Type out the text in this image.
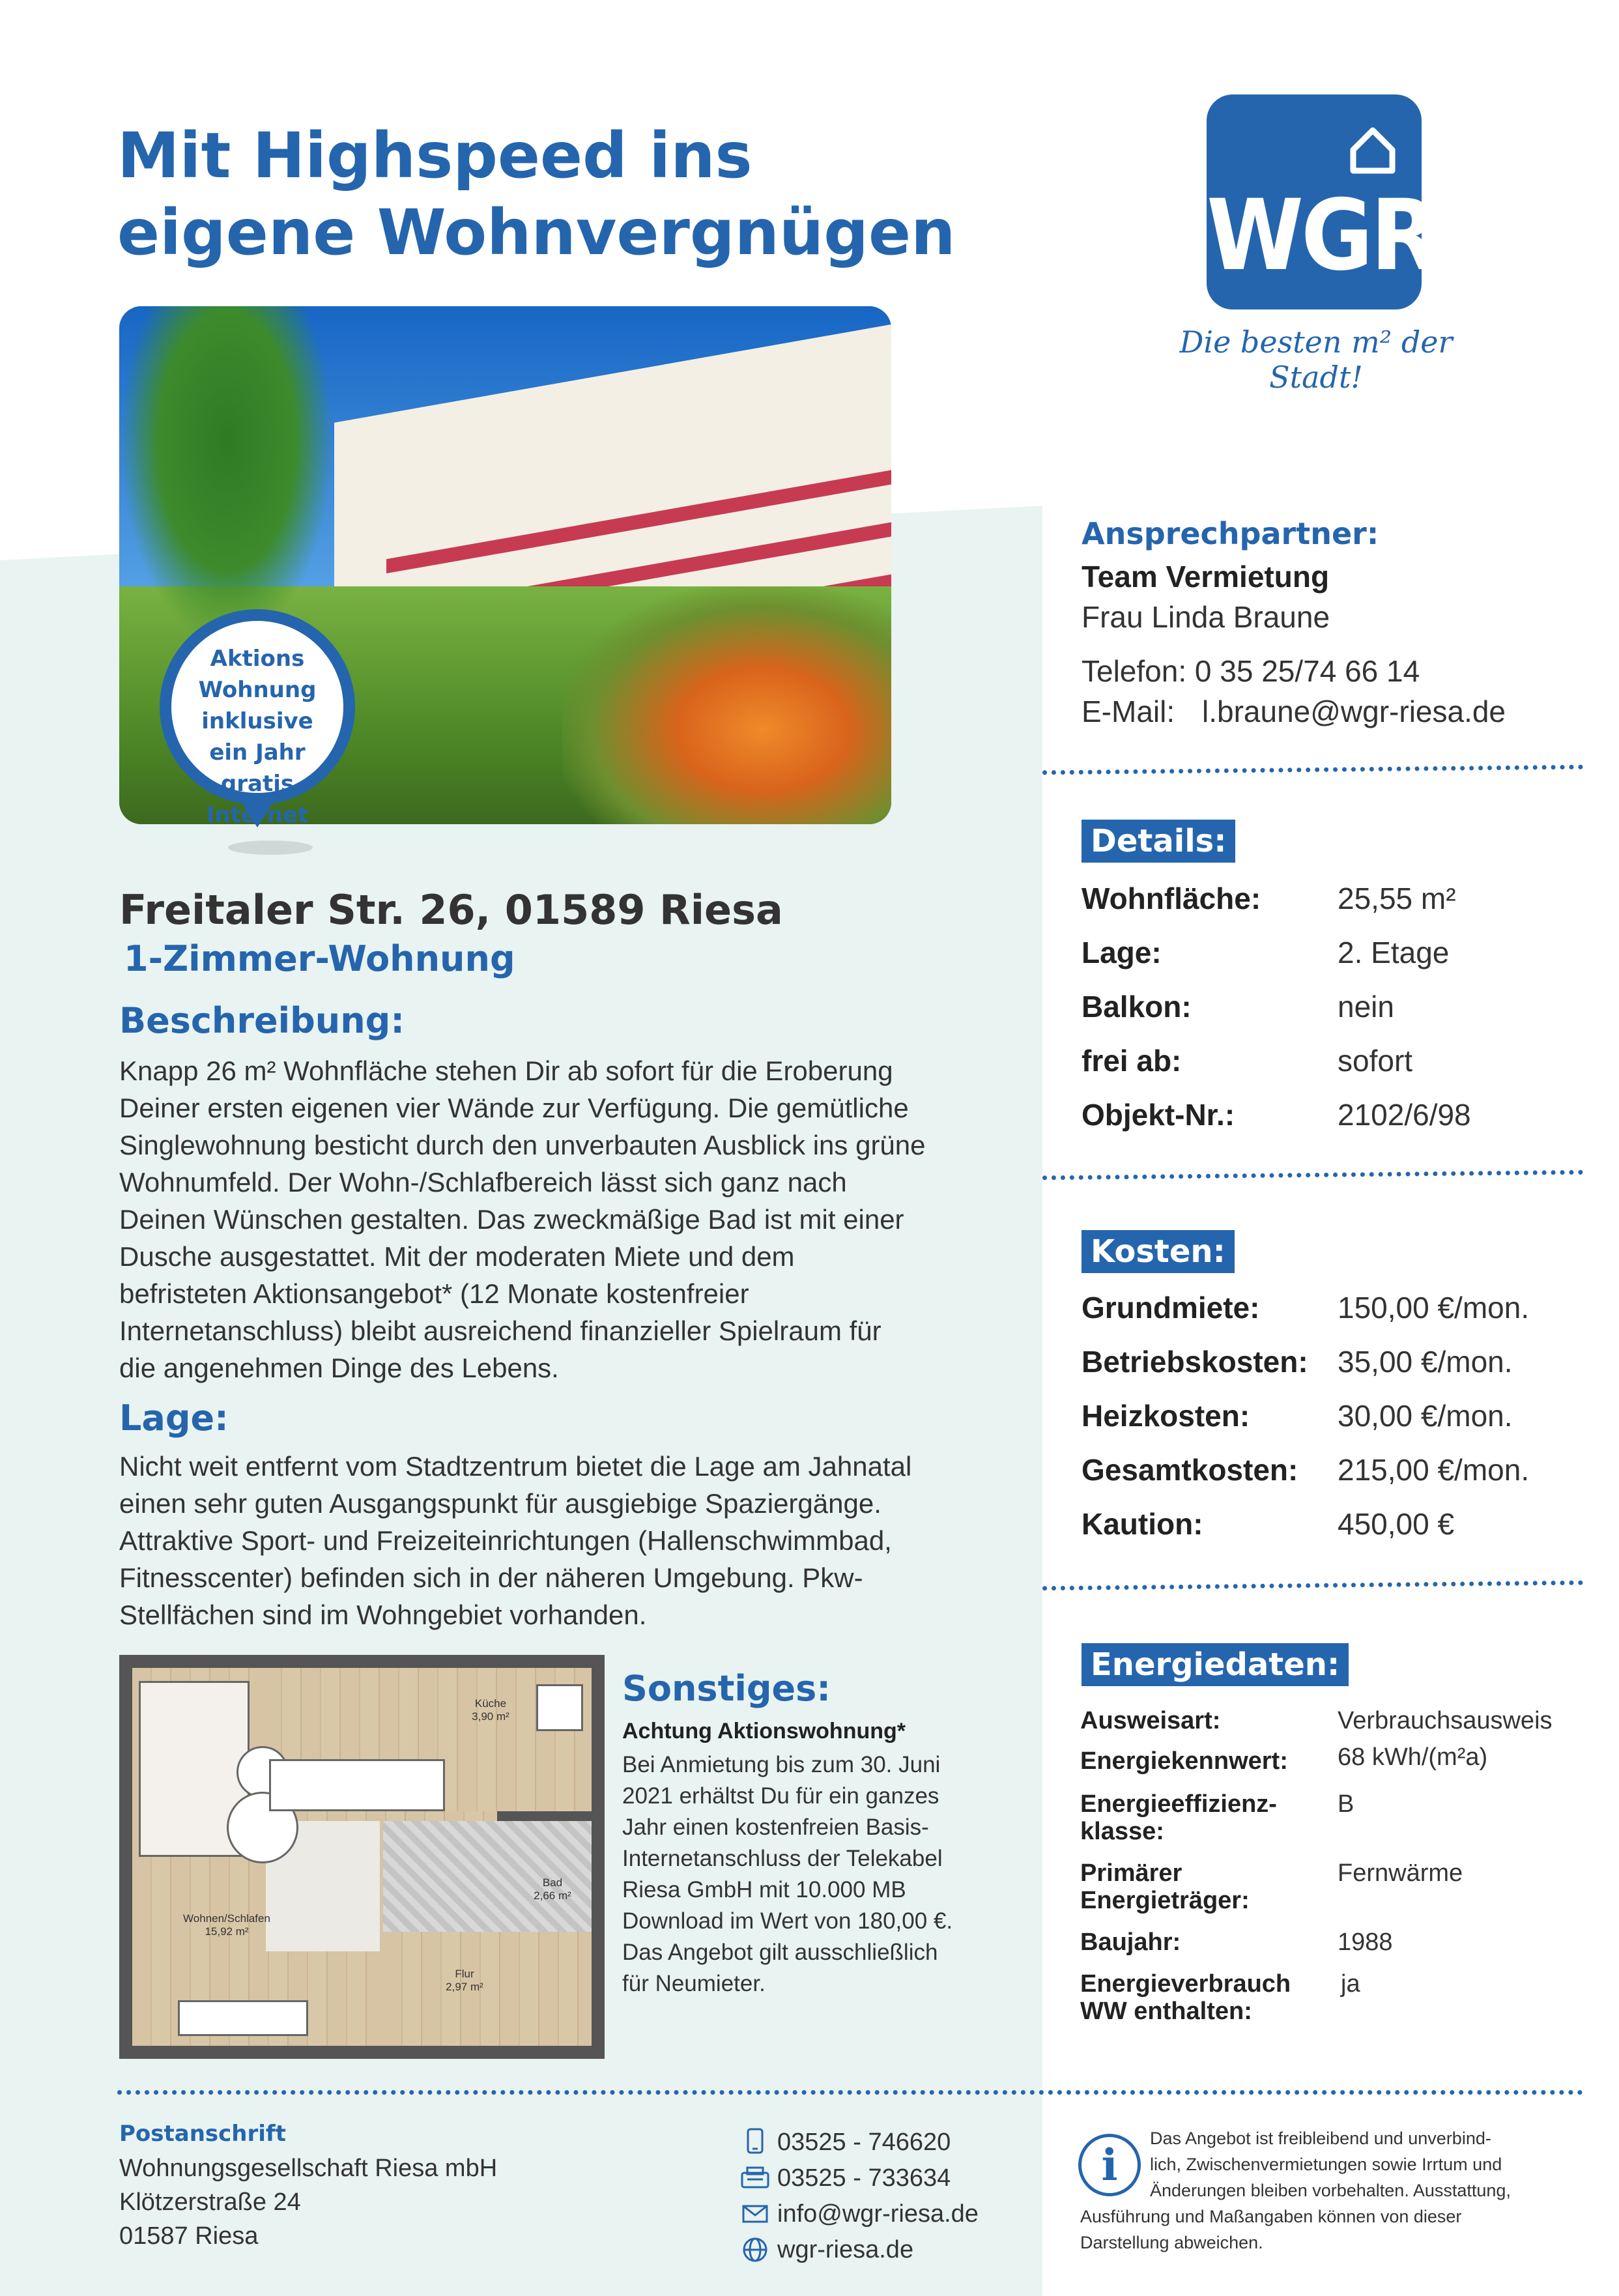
Mit Highspeed ins
eigene Wohnvergnügen	WGR
Die besten m² der Stadt!
Aktions
Wohnung
inklusive
ein Jahr gratis
Internet
Freitaler Str. 26, 01589 Riesa
1-Zimmer-Wohnung
Beschreibung:
Knapp 26 m² Wohnfläche stehen Dir ab sofort für die Eroberung
Deiner ersten eigenen vier Wände zur Verfügung. Die gemütliche
Singlewohnung besticht durch den unverbauten Ausblick ins grüne
Wohnumfeld. Der Wohn-/Schlafbereich lässt sich ganz nach
Deinen Wünschen gestalten. Das zweckmäßige Bad ist mit einer
Dusche ausgestattet. Mit der moderaten Miete und dem
befristeten Aktionsangebot* (12 Monate kostenfreier
Internetanschluss) bleibt ausreichend finanzieller Spielraum für
die angenehmen Dinge des Lebens.
Lage:
Nicht weit entfernt vom Stadtzentrum bietet die Lage am Jahnatal
einen sehr guten Ausgangspunkt für ausgiebige Spaziergänge.
Attraktive Sport- und Freizeiteinrichtungen (Hallenschwimmbad,
Fitnesscenter) befinden sich in der näheren Umgebung. Pkw-
Stellfächen sind im Wohngebiet vorhanden.
Küche
3,90 m²
Wohnen/Schlafen
15,92 m²
Bad
2,66 m²
Flur
2,97 m²
Sonstiges:
Achtung Aktionswohnung*
Bei Anmietung bis zum 30. Juni
2021 erhältst Du für ein ganzes
Jahr einen kostenfreien Basis-
Internetanschluss der Telekabel
Riesa GmbH mit 10.000 MB
Download im Wert von 180,00 €.
Das Angebot gilt ausschließlich
für Neumieter.
Ansprechpartner:
Team Vermietung
Frau Linda Braune
Telefon: 0 35 25/74 66 14
E-Mail: l.braune@wgr-riesa.de
Details:
Wohnfläche:	25,55 m²
Lage:	2. Etage
Balkon:	nein
frei ab:	sofort
Objekt-Nr.:	2102/6/98
Kosten:
Grundmiete:	150,00 €/mon.
Betriebskosten: 35,00 €/mon.
Heizkosten:	30,00 €/mon.
Gesamtkosten: 215,00 €/mon.
Kaution:	450,00 €
Energiedaten:
Ausweisart:	Verbrauchsausweis
Energiekennwert: 68 kWh/(m²a)
Energieeffizienz-
klasse:
B
Primärer
Energieträger:
Fernwärme
Baujahr:	1988
Energieverbrauch
WW enthalten:
ja
Postanschrift
Wohnungsgesellschaft Riesa mbH
Klötzerstraße 24
01587 Riesa
03525 - 746620
03525 - 733634
info@wgr-riesa.de
wgr-riesa.de
i
Das Angebot ist freibleibend und unverbind-
lich, Zwischenvermietungen sowie Irrtum und
Änderungen bleiben vorbehalten. Ausstattung,
Ausführung und Maßangaben können von dieser
Darstellung abweichen.
